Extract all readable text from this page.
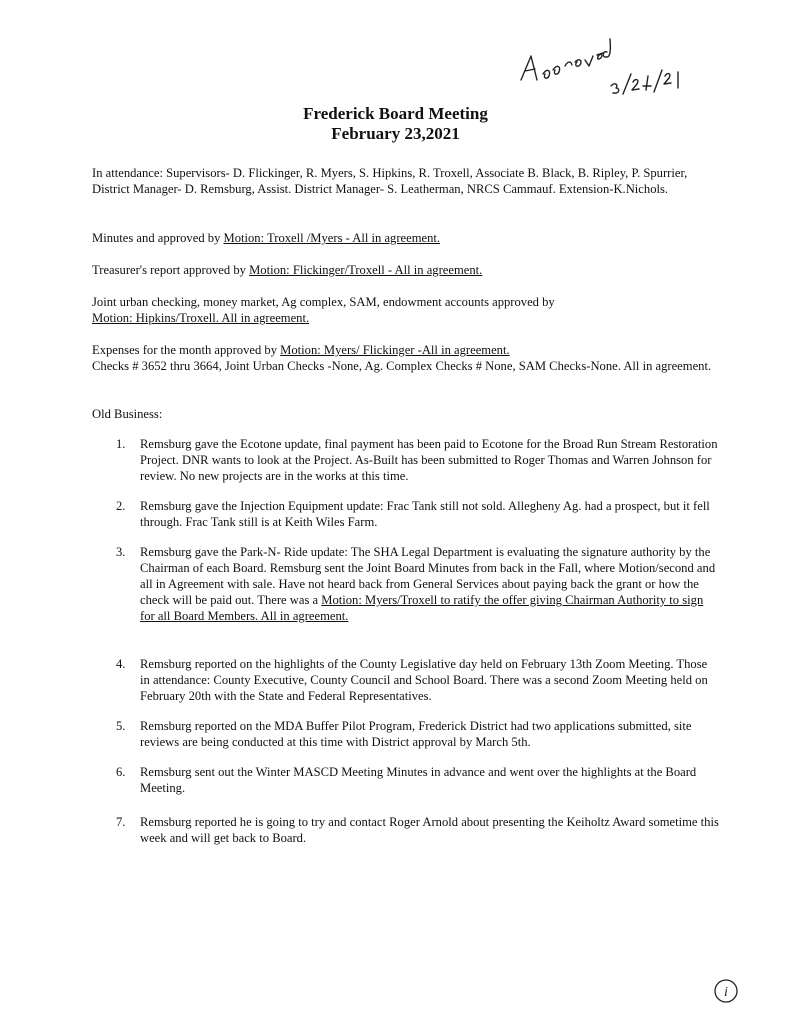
Frederick Board Meeting
February 23,2021
In attendance: Supervisors- D. Flickinger, R. Myers, S. Hipkins, R. Troxell, Associate B. Black, B. Ripley, P. Spurrier, District Manager- D. Remsburg, Assist. District Manager- S. Leatherman, NRCS Cammauf. Extension-K.Nichols.
Minutes and approved by Motion: Troxell /Myers - All in agreement.
Treasurer's report approved by Motion: Flickinger/Troxell - All in agreement.
Joint urban checking, money market, Ag complex, SAM, endowment accounts approved by
Motion: Hipkins/Troxell. All in agreement.
Expenses for the month approved by Motion: Myers/ Flickinger -All in agreement.
Checks # 3652 thru 3664, Joint Urban Checks -None, Ag. Complex Checks # None, SAM Checks-None. All in agreement.
Old Business:
1.	Remsburg gave the Ecotone update, final payment has been paid to Ecotone for the Broad Run Stream Restoration Project. DNR wants to look at the Project. As-Built has been submitted to Roger Thomas and Warren Johnson for review. No new projects are in the works at this time.
2.	Remsburg gave the Injection Equipment update: Frac Tank still not sold. Allegheny Ag. had a prospect, but it fell through. Frac Tank still is at Keith Wiles Farm.
3.	Remsburg gave the Park-N- Ride update: The SHA Legal Department is evaluating the signature authority by the Chairman of each Board. Remsburg sent the Joint Board Minutes from back in the Fall, where Motion/second and all in Agreement with sale. Have not heard back from General Services about paying back the grant or how the check will be paid out. There was a Motion: Myers/Troxell to ratify the offer giving Chairman Authority to sign for all Board Members. All in agreement.
4.	Remsburg reported on the highlights of the County Legislative day held on February 13th Zoom Meeting. Those in attendance: County Executive, County Council and School Board. There was a second Zoom Meeting held on February 20th with the State and Federal Representatives.
5.	Remsburg reported on the MDA Buffer Pilot Program, Frederick District had two applications submitted, site reviews are being conducted at this time with District approval by March 5th.
6.	Remsburg sent out the Winter MASCD Meeting Minutes in advance and went over the highlights at the Board Meeting.
7.	Remsburg reported he is going to try and contact Roger Arnold about presenting the Keiholtz Award sometime this week and will get back to Board.
i
